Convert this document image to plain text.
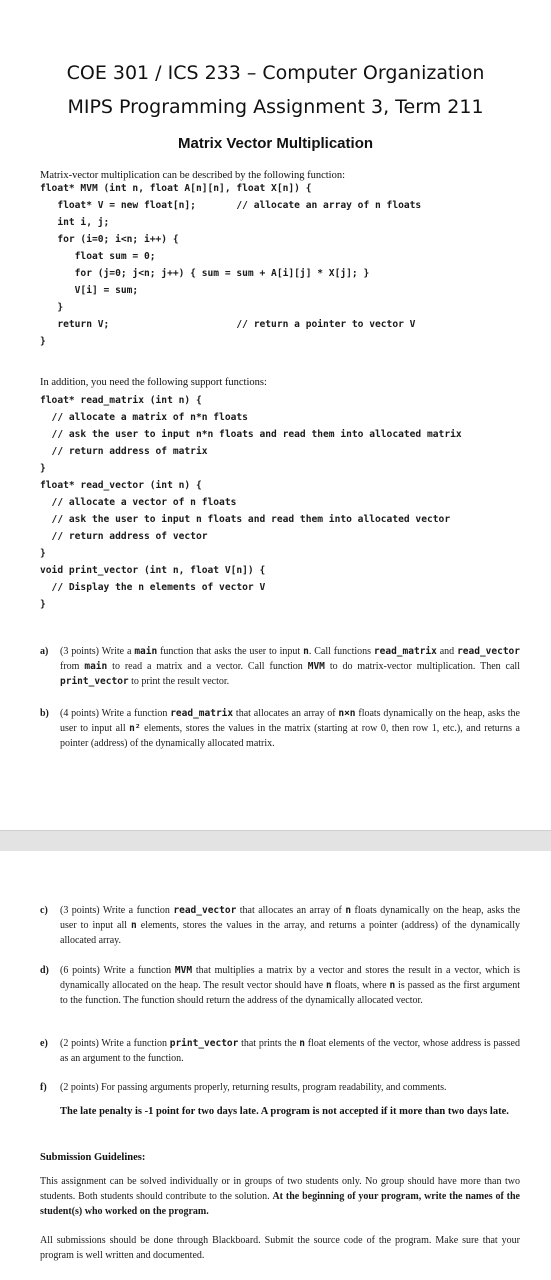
COE 301 / ICS 233 – Computer Organization
MIPS Programming Assignment 3, Term 211
Matrix Vector Multiplication
Matrix-vector multiplication can be described by the following function:
float* MVM (int n, float A[n][n], float X[n]) {
float* V = new float[n];       // allocate an array of n floats
int i, j;
for (i=0; i<n; i++) {
float sum = 0;
for (j=0; j<n; j++) { sum = sum + A[i][j] * X[j]; }
V[i] = sum;
}
return V;                      // return a pointer to vector V
}
In addition, you need the following support functions:
float* read_matrix (int n) {
// allocate a matrix of n*n floats
// ask the user to input n*n floats and read them into allocated matrix
// return address of matrix
}
float* read_vector (int n) {
// allocate a vector of n floats
// ask the user to input n floats and read them into allocated vector
// return address of vector
}
void print_vector (int n, float V[n]) {
// Display the n elements of vector V
}
a) (3 points) Write a main function that asks the user to input n. Call functions read_matrix and read_vector from main to read a matrix and a vector. Call function MVM to do matrix-vector multiplication. Then call print_vector to print the result vector.
b) (4 points) Write a function read_matrix that allocates an array of n×n floats dynamically on the heap, asks the user to input all n² elements, stores the values in the matrix (starting at row 0, then row 1, etc.), and returns a pointer (address) of the dynamically allocated matrix.
c) (3 points) Write a function read_vector that allocates an array of n floats dynamically on the heap, asks the user to input all n elements, stores the values in the array, and returns a pointer (address) of the dynamically allocated array.
d) (6 points) Write a function MVM that multiplies a matrix by a vector and stores the result in a vector, which is dynamically allocated on the heap. The result vector should have n floats, where n is passed as the first argument to the function. The function should return the address of the dynamically allocated vector.
e) (2 points) Write a function print_vector that prints the n float elements of the vector, whose address is passed as an argument to the function.
f) (2 points) For passing arguments properly, returning results, program readability, and comments.

The late penalty is -1 point for two days late. A program is not accepted if it more than two days late.

Submission Guidelines:

This assignment can be solved individually or in groups of two students only. No group should have more than two students. Both students should contribute to the solution. At the beginning of your program, write the names of the student(s) who worked on the program.

All submissions should be done through Blackboard. Submit the source code of the program. Make sure that your program is well written and documented.
